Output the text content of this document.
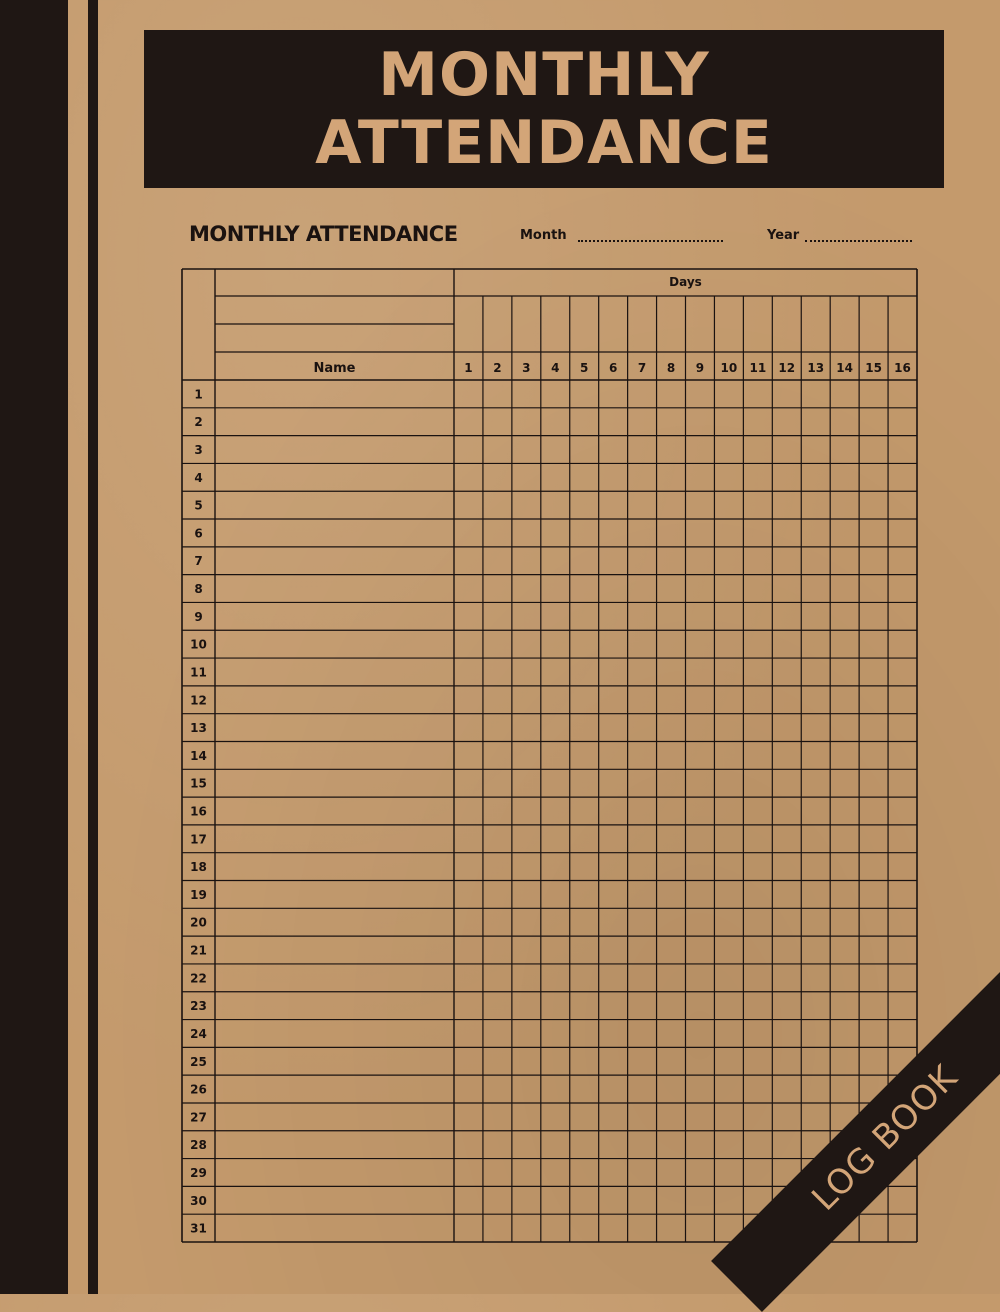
MONTHLY
ATTENDANCE
MONTHLY ATTENDANCE	Month	Year
Days
Name	1 2 3 4 5 6 7 8 9 10 11 12 13 14 15 16
1
2
3
4
5
6
7
8
9
10
11
12
13
14
15
16
17
18
19
20
21
22
23
24
25
26
27
28
29
30
31
LOG BOOK
